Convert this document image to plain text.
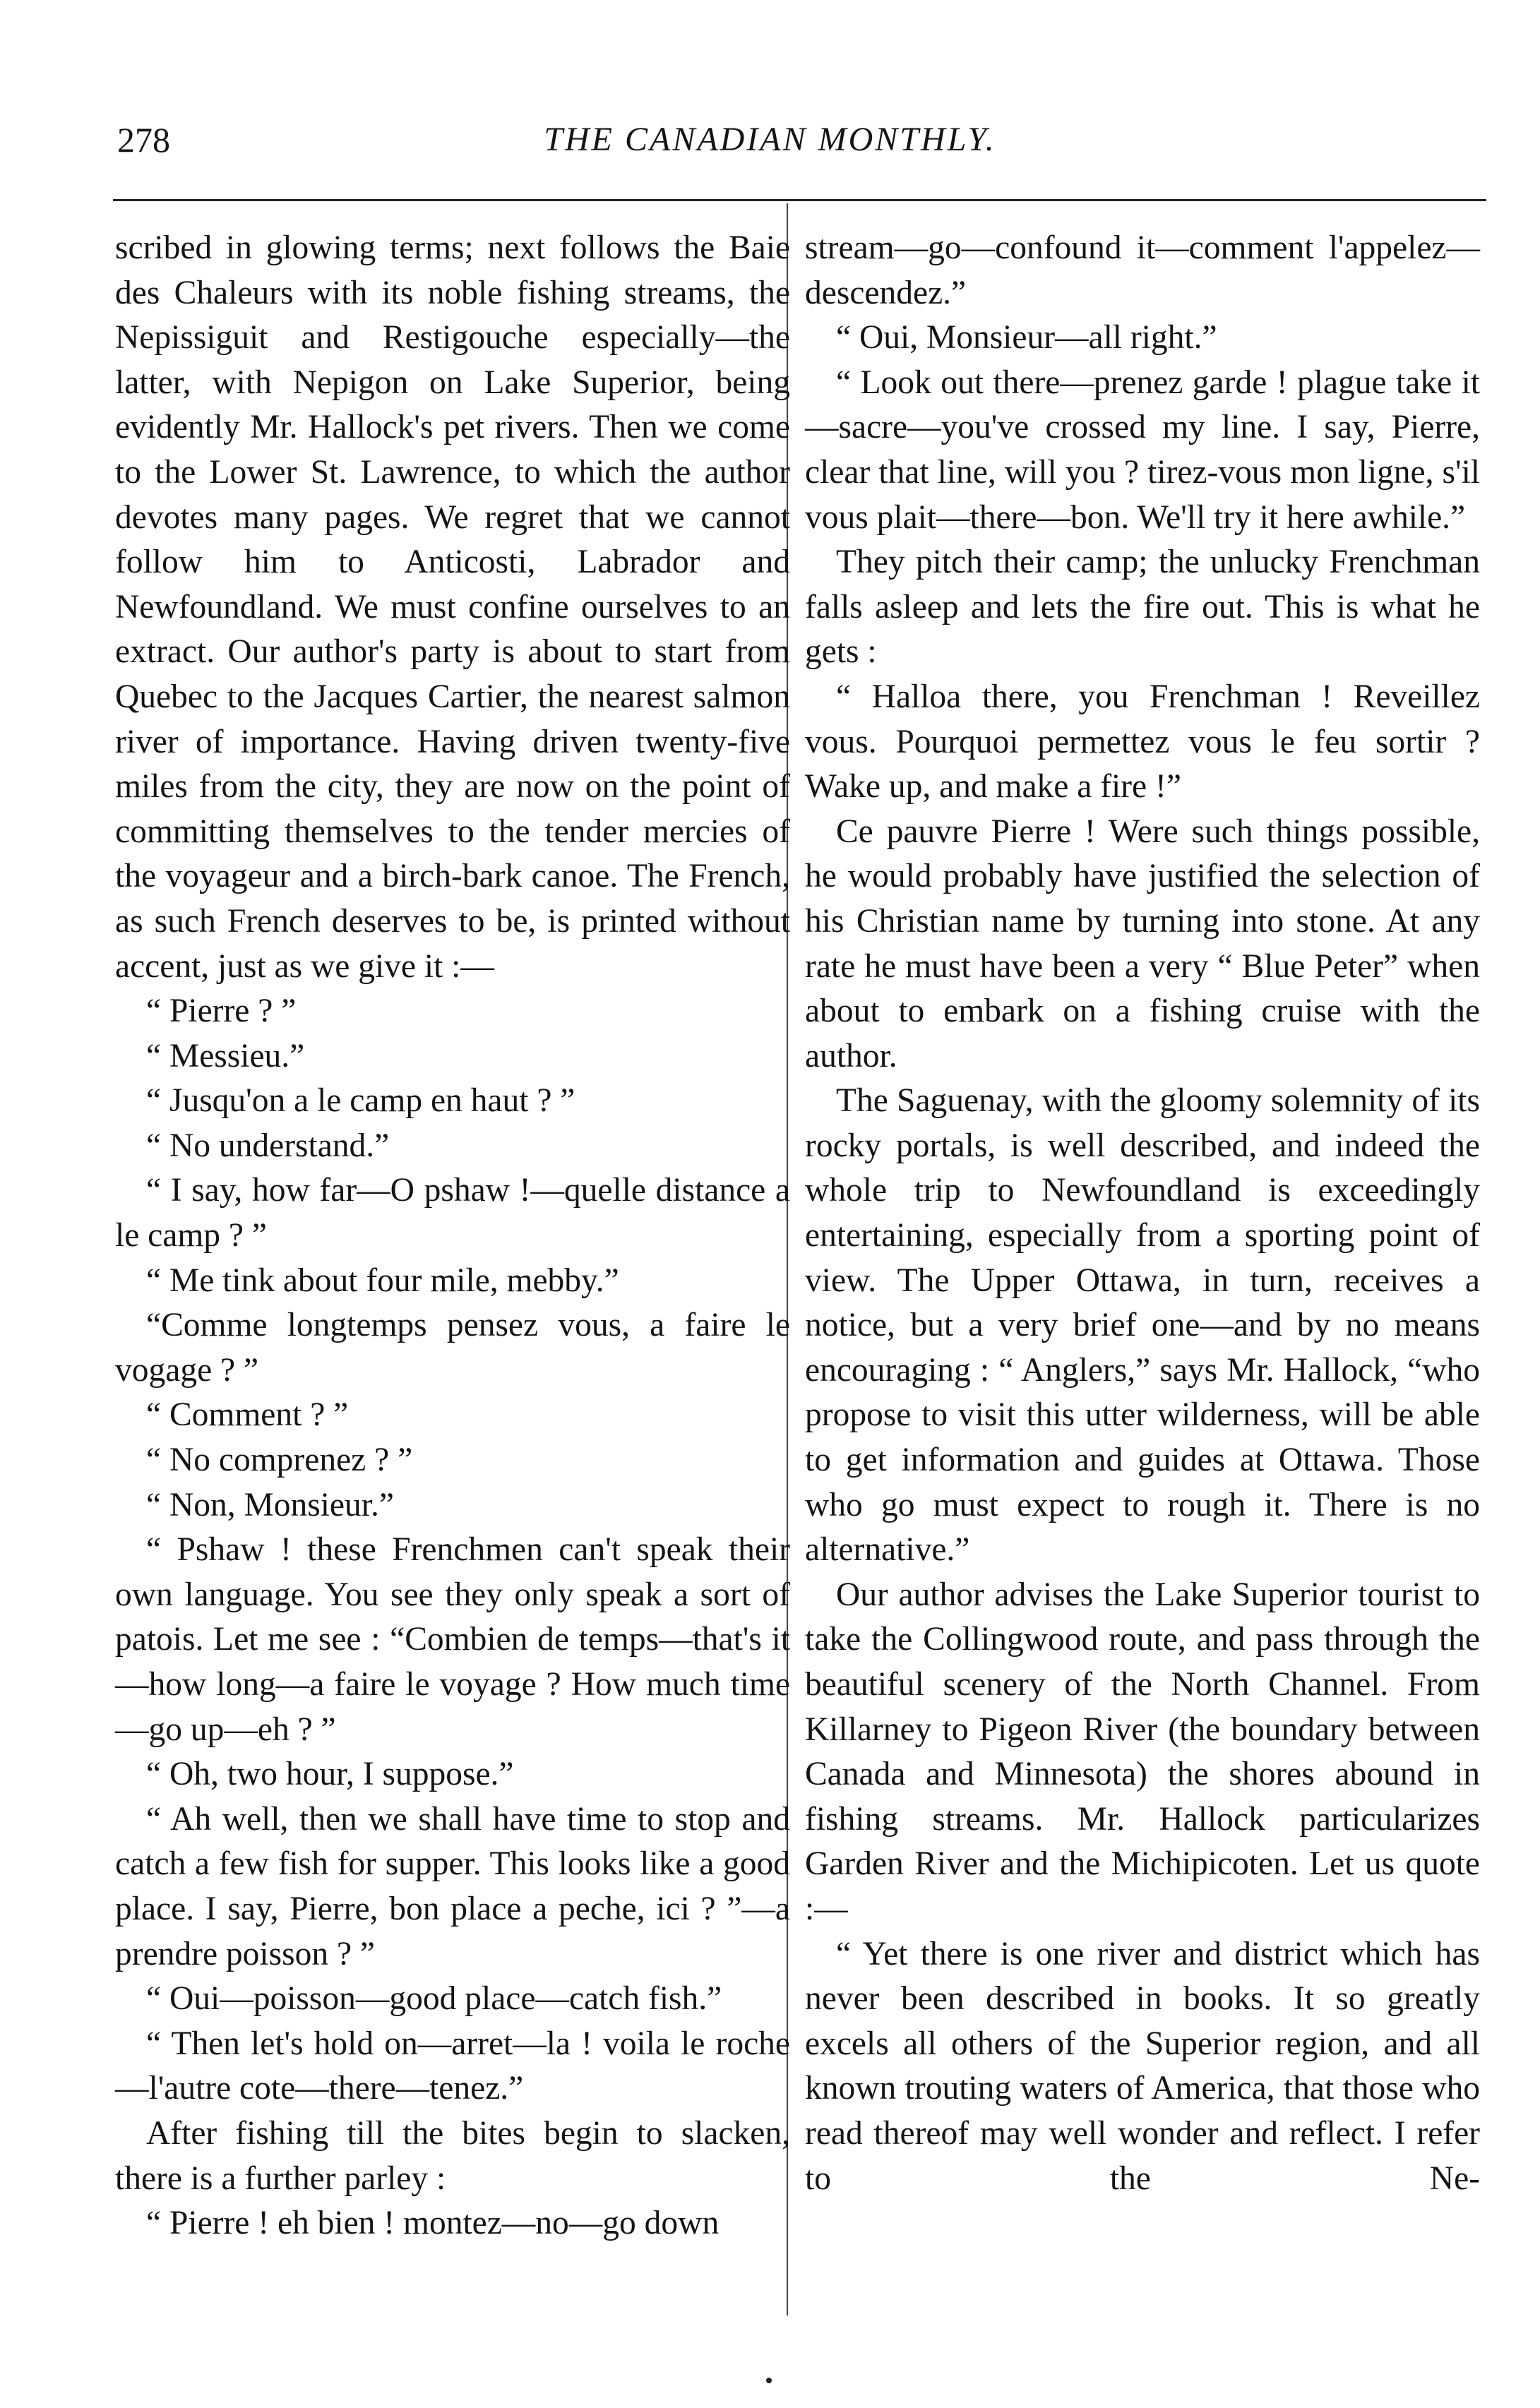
278	THE CANADIAN MONTHLY.

scribed in glowing terms; next follows the Baie des Chaleurs with its noble fishing streams, the Nepissiguit and Restigouche especially—the latter, with Nepigon on Lake Superior, being evidently Mr. Hallock's pet rivers. Then we come to the Lower St. Lawrence, to which the author devotes many pages. We regret that we cannot follow him to Anticosti, Labrador and Newfoundland. We must confine ourselves to an extract. Our author's party is about to start from Quebec to the Jacques Cartier, the nearest salmon river of importance. Having driven twenty-five miles from the city, they are now on the point of committing themselves to the tender mercies of the voyageur and a birch-bark canoe. The French, as such French deserves to be, is printed without accent, just as we give it :—

“ Pierre ? ”

“ Messieu.”

“ Jusqu'on a le camp en haut ? ”

“ No understand.”

“ I say, how far—O pshaw !—quelle distance a le camp ? ”

“ Me tink about four mile, mebby.”

“Comme longtemps pensez vous, a faire le vogage ? ”

“ Comment ? ”

“ No comprenez ? ”

“ Non, Monsieur.”

“ Pshaw ! these Frenchmen can't speak their own language. You see they only speak a sort of patois. Let me see : “Combien de temps—that's it—how long—a faire le voyage ? How much time—go up—eh ? ”

“ Oh, two hour, I suppose.”

“ Ah well, then we shall have time to stop and catch a few fish for supper. This looks like a good place. I say, Pierre, bon place a peche, ici ? ”—a prendre poisson ? ”

“ Oui—poisson—good place—catch fish.”

“ Then let's hold on—arret—la ! voila le roche—l'autre cote—there—tenez.”

After fishing till the bites begin to slacken, there is a further parley :

“ Pierre ! eh bien ! montez—no—go down

stream—go—confound it—comment l'appelez—descendez.”

“ Oui, Monsieur—all right.”

“ Look out there—prenez garde ! plague take it—sacre—you've crossed my line. I say, Pierre, clear that line, will you ? tirez-vous mon ligne, s'il vous plait—there—bon. We'll try it here awhile.”

They pitch their camp; the unlucky Frenchman falls asleep and lets the fire out. This is what he gets :

“ Halloa there, you Frenchman ! Reveillez vous. Pourquoi permettez vous le feu sortir ? Wake up, and make a fire !”

Ce pauvre Pierre ! Were such things possible, he would probably have justified the selection of his Christian name by turning into stone. At any rate he must have been a very “ Blue Peter” when about to embark on a fishing cruise with the author.

The Saguenay, with the gloomy solemnity of its rocky portals, is well described, and indeed the whole trip to Newfoundland is exceedingly entertaining, especially from a sporting point of view. The Upper Ottawa, in turn, receives a notice, but a very brief one—and by no means encouraging : “ Anglers,” says Mr. Hallock, “who propose to visit this utter wilderness, will be able to get information and guides at Ottawa. Those who go must expect to rough it. There is no alternative.”

Our author advises the Lake Superior tourist to take the Collingwood route, and pass through the beautiful scenery of the North Channel. From Killarney to Pigeon River (the boundary between Canada and Minnesota) the shores abound in fishing streams. Mr. Hallock particularizes Garden River and the Michipicoten. Let us quote :—

“ Yet there is one river and district which has never been described in books. It so greatly excels all others of the Superior region, and all known trouting waters of America, that those who read thereof may well wonder and reflect. I refer to the Ne-
